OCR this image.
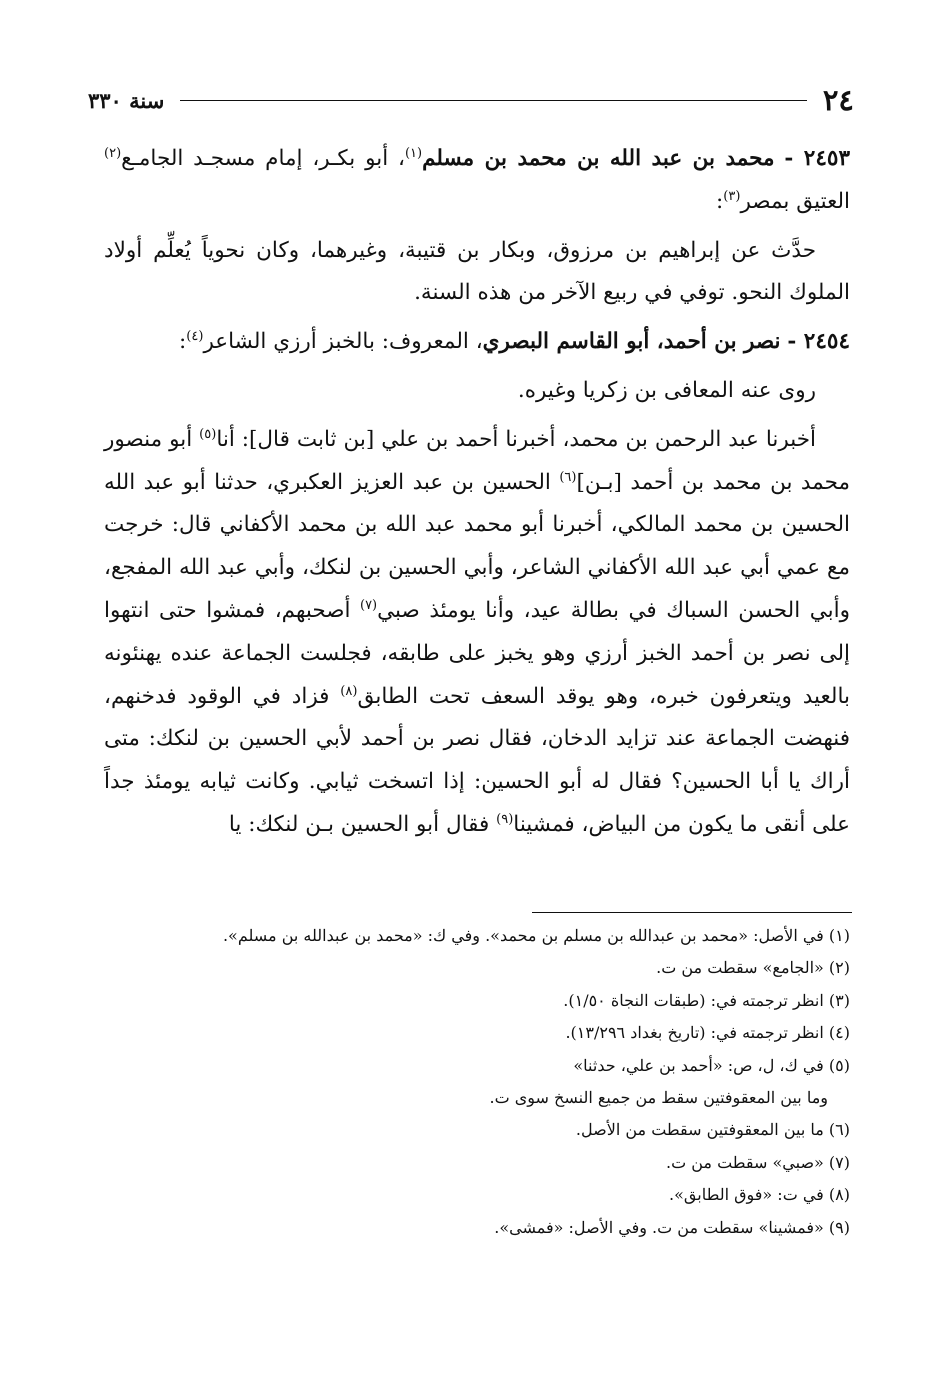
٢٤
سنة ٣٣٠

٢٤٥٣ - محمد بن عبد الله بن محمد بن مسلم$^{(١)}$، أبو بكـر، إمام مسجـد الجامـع$^{(٢)}$ العتيق بمصر$^{(٣)}$:

حدَّث عن إبراهيم بن مرزوق، وبكار بن قتيبة، وغيرهما، وكان نحوياً يُعلِّم أولاد الملوك النحو. توفي في ربيع الآخر من هذه السنة.

٢٤٥٤ - نصر بن أحمد، أبو القاسم البصري، المعروف: بالخبز أرزي الشاعر$^{(٤)}$:

روى عنه المعافى بن زكريا وغيره.

أخبرنا عبد الرحمن بن محمد، أخبرنا أحمد بن علي [بن ثابت قال]: أنا$^{(٥)}$ أبو منصور محمد بن محمد بن أحمد [بـن]$^{(٦)}$ الحسين بن عبد العزيز العكبري، حدثنا أبو عبد الله الحسين بن محمد المالكي، أخبرنا أبو محمد عبد الله بن محمد الأكفاني قال: خرجت مع عمي أبي عبد الله الأكفاني الشاعر، وأبي الحسين بن لنكك، وأبي عبد الله المفجع، وأبي الحسن السباك في بطالة عيد، وأنا يومئذ صبي$^{(٧)}$ أصحبهم، فمشوا حتى انتهوا إلى نصر بن أحمد الخبز أرزي وهو يخبز على طابقه، فجلست الجماعة عنده يهنئونه بالعيد ويتعرفون خبره، وهو يوقد السعف تحت الطابق$^{(٨)}$ فزاد في الوقود فدخنهم، فنهضت الجماعة عند تزايد الدخان، فقال نصر بن أحمد لأبي الحسين بن لنكك: متى أراك يا أبا الحسين؟ فقال له أبو الحسين: إذا اتسخت ثيابي. وكانت ثيابه يومئذ جداً على أنقى ما يكون من البياض، فمشينا$^{(٩)}$ فقال أبو الحسين بـن لنكك: يا

(١) في الأصل: «محمد بن عبدالله بن مسلم بن محمد». وفي ك: «محمد بن عبدالله بن مسلم».

(٢) «الجامع» سقطت من ت.

(٣) انظر ترجمته في: (طبقات النجاة ١/٥٠).

(٤) انظر ترجمته في: (تاريخ بغداد ١٣/٢٩٦).

(٥) في ك، ل، ص: «أحمد بن علي، حدثنا»

وما بين المعقوفتين سقط من جميع النسخ سوى ت.

(٦) ما بين المعقوفتين سقطت من الأصل.

(٧) «صبي» سقطت من ت.

(٨) في ت: «فوق الطابق».

(٩) «فمشينا» سقطت من ت. وفي الأصل: «فمشى».
